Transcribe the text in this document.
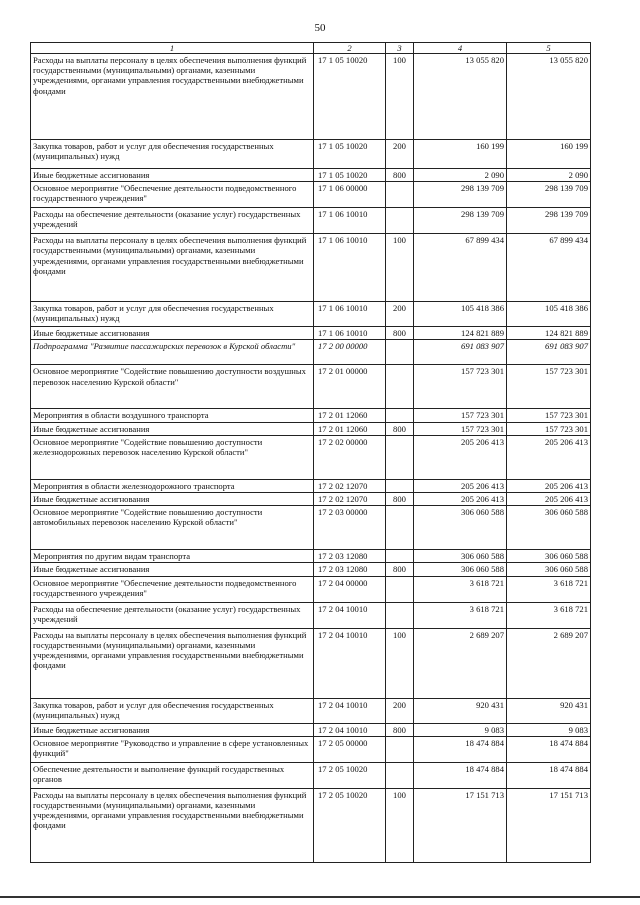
50
1	2	3	4	5
Расходы на выплаты персоналу в целях обеспечения выполнения функций государственными (муниципальными) органами, казенными учреждениями, органами управления государственными внебюджетными фондами	17 1 05 10020	100	13 055 820	13 055 820
Закупка товаров, работ и услуг для обеспечения государственных (муниципальных) нужд	17 1 05 10020	200	160 199	160 199
Иные бюджетные ассигнования	17 1 05 10020	800	2 090	2 090
Основное мероприятие "Обеспечение деятельности подведомственного государственного учреждения"	17 1 06 00000		298 139 709	298 139 709
Расходы на обеспечение деятельности (оказание услуг) государственных учреждений	17 1 06 10010		298 139 709	298 139 709
Расходы на выплаты персоналу в целях обеспечения выполнения функций государственными (муниципальными) органами, казенными учреждениями, органами управления государственными внебюджетными фондами	17 1 06 10010	100	67 899 434	67 899 434
Закупка товаров, работ и услуг для обеспечения государственных (муниципальных) нужд	17 1 06 10010	200	105 418 386	105 418 386
Иные бюджетные ассигнования	17 1 06 10010	800	124 821 889	124 821 889
Подпрограмма "Развитие пассажирских перевозок в Курской области"	17 2 00 00000		691 083 907	691 083 907
Основное мероприятие "Содействие повышению доступности воздушных перевозок населению Курской области"	17 2 01 00000		157 723 301	157 723 301
Мероприятия в области воздушного транспорта	17 2 01 12060		157 723 301	157 723 301
Иные бюджетные ассигнования	17 2 01 12060	800	157 723 301	157 723 301
Основное мероприятие "Содействие повышению доступности железнодорожных перевозок населению Курской области"	17 2 02 00000		205 206 413	205 206 413
Мероприятия в области железнодорожного транспорта	17 2 02 12070		205 206 413	205 206 413
Иные бюджетные ассигнования	17 2 02 12070	800	205 206 413	205 206 413
Основное мероприятие "Содействие повышению доступности автомобильных перевозок населению Курской области"	17 2 03 00000		306 060 588	306 060 588
Мероприятия по другим видам транспорта	17 2 03 12080		306 060 588	306 060 588
Иные бюджетные ассигнования	17 2 03 12080	800	306 060 588	306 060 588
Основное мероприятие "Обеспечение деятельности подведомственного государственного учреждения"	17 2 04 00000		3 618 721	3 618 721
Расходы на обеспечение деятельности (оказание услуг) государственных учреждений	17 2 04 10010		3 618 721	3 618 721
Расходы на выплаты персоналу в целях обеспечения выполнения функций государственными (муниципальными) органами, казенными учреждениями, органами управления государственными внебюджетными фондами	17 2 04 10010	100	2 689 207	2 689 207
Закупка товаров, работ и услуг для обеспечения государственных (муниципальных) нужд	17 2 04 10010	200	920 431	920 431
Иные бюджетные ассигнования	17 2 04 10010	800	9 083	9 083
Основное мероприятие "Руководство и управление в сфере установленных функций"	17 2 05 00000		18 474 884	18 474 884
Обеспечение деятельности и выполнение функций государственных органов	17 2 05 10020		18 474 884	18 474 884
Расходы на выплаты персоналу в целях обеспечения выполнения функций государственными (муниципальными) органами, казенными учреждениями, органами управления государственными внебюджетными фондами	17 2 05 10020	100	17 151 713	17 151 713
